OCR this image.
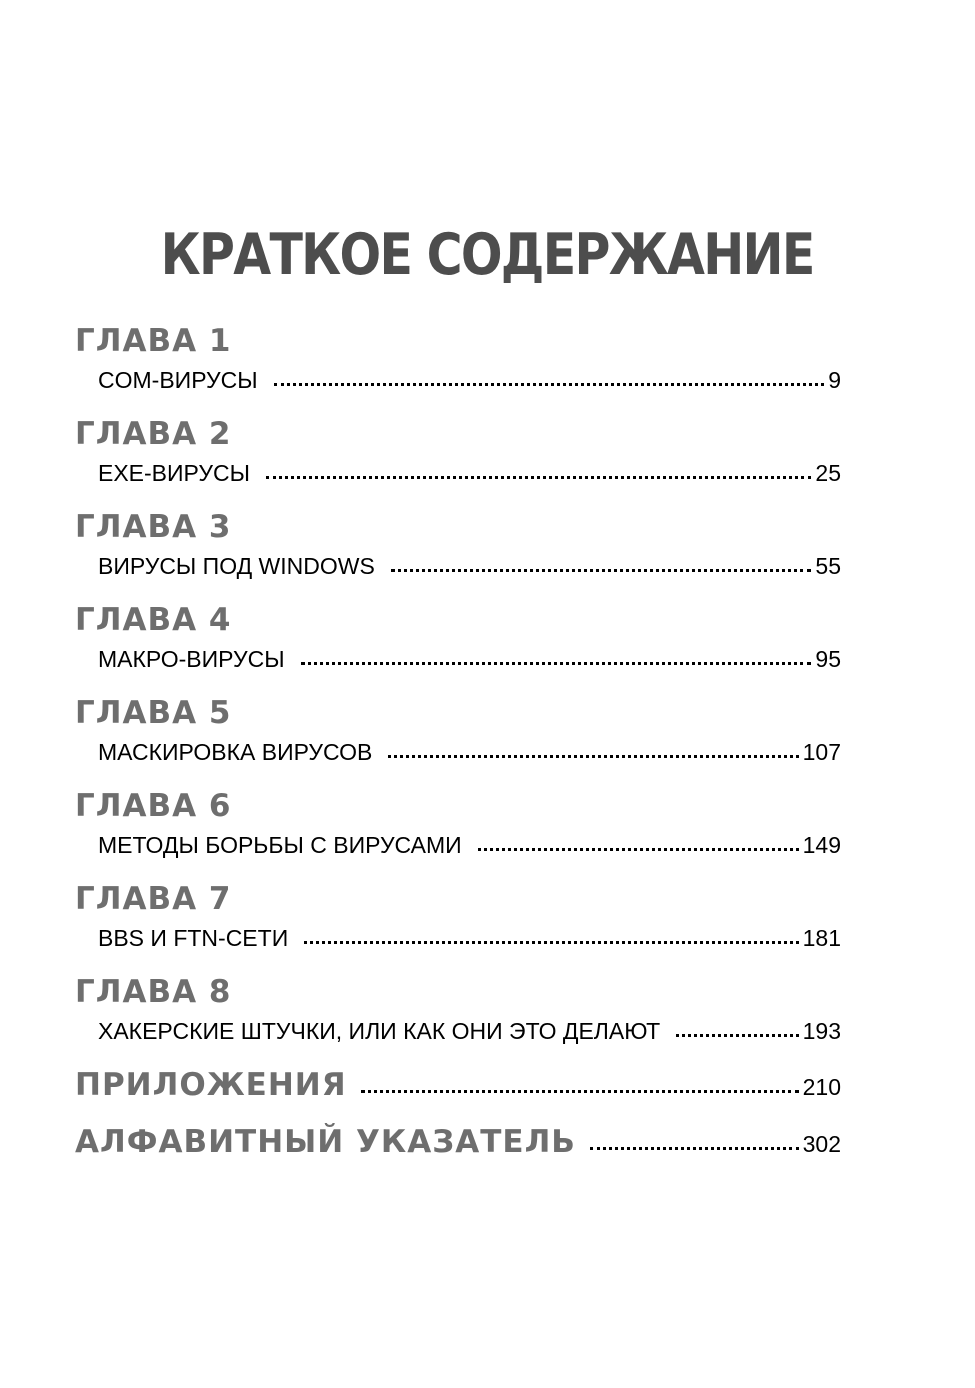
КРАТКОЕ СОДЕРЖАНИЕ
ГЛАВА 1
COM-ВИРУСЫ	9
ГЛАВА 2
EXE-ВИРУСЫ	25
ГЛАВА 3
ВИРУСЫ ПОД WINDOWS	55
ГЛАВА 4
МАКРО-ВИРУСЫ	95
ГЛАВА 5
МАСКИРОВКА ВИРУСОВ	107
ГЛАВА 6
МЕТОДЫ БОРЬБЫ С ВИРУСАМИ	149
ГЛАВА 7
BBS И FTN-СЕТИ	181
ГЛАВА 8
ХАКЕРСКИЕ ШТУЧКИ, ИЛИ КАК ОНИ ЭТО ДЕЛАЮТ	193
ПРИЛОЖЕНИЯ	210
АЛФАВИТНЫЙ УКАЗАТЕЛЬ	302
